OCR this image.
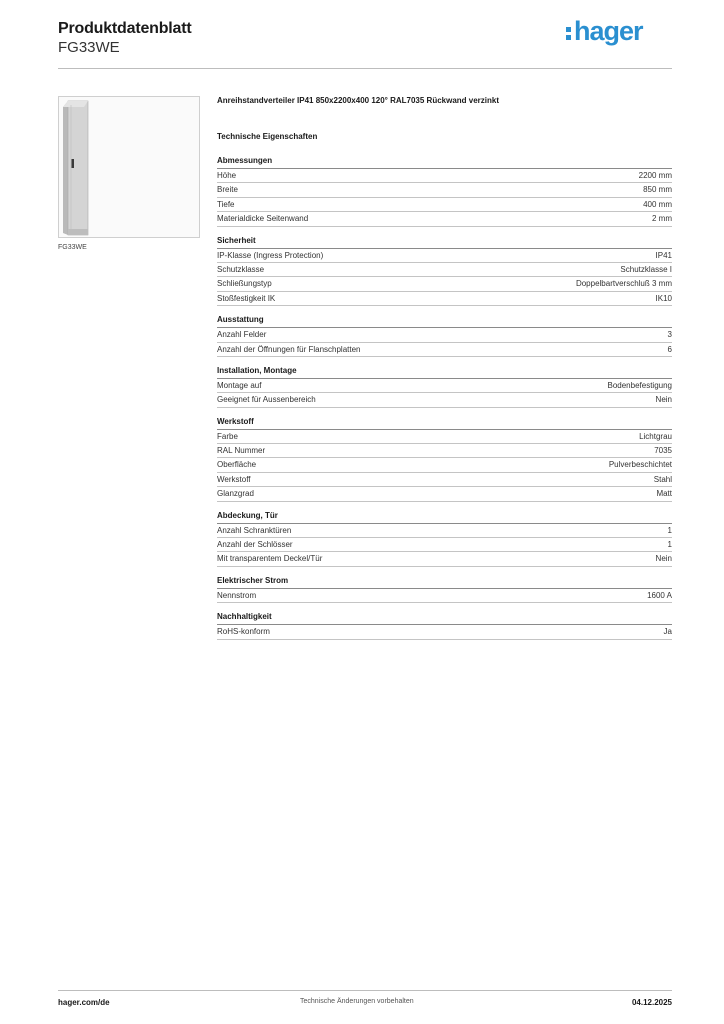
Produktdatenblatt
FG33WE
hager
FG33WE
Anreihstandverteiler IP41 850x2200x400 120° RAL7035 Rückwand verzinkt
Technische Eigenschaften
Abmessungen
Höhe	2200 mm
Breite	850 mm
Tiefe	400 mm
Materialdicke Seitenwand	2 mm
Sicherheit
IP-Klasse (Ingress Protection)	IP41
Schutzklasse	Schutzklasse I
Schließungstyp	Doppelbartverschluß 3 mm
Stoßfestigkeit IK	IK10
Ausstattung
Anzahl Felder	3
Anzahl der Öffnungen für Flanschplatten	6
Installation, Montage
Montage auf	Bodenbefestigung
Geeignet für Aussenbereich	Nein
Werkstoff
Farbe	Lichtgrau
RAL Nummer	7035
Oberfläche	Pulverbeschichtet
Werkstoff	Stahl
Glanzgrad	Matt
Abdeckung, Tür
Anzahl Schranktüren	1
Anzahl der Schlösser	1
Mit transparentem Deckel/Tür	Nein
Elektrischer Strom
Nennstrom	1600 A
Nachhaltigkeit
RoHS-konform	Ja
hager.com/de	Technische Änderungen vorbehalten	04.12.2025
